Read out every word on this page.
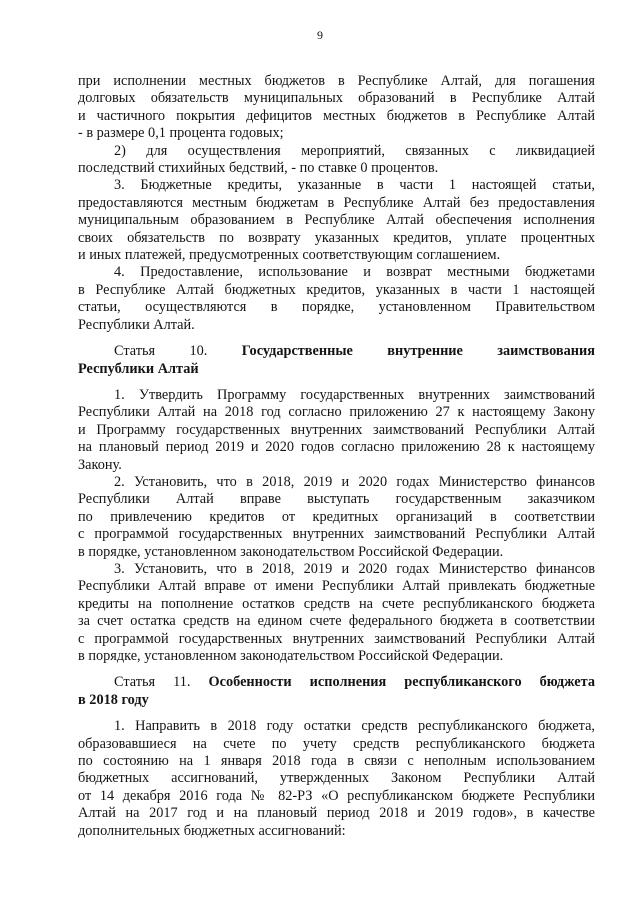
9
при исполнении местных бюджетов в Республике Алтай, для погашения
долговых обязательств муниципальных образований в Республике Алтай
и частичного покрытия дефицитов местных бюджетов в Республике Алтай
- в размере 0,1 процента годовых;
2) для осуществления мероприятий, связанных с ликвидацией
последствий стихийных бедствий, - по ставке 0 процентов.
3. Бюджетные кредиты, указанные в части 1 настоящей статьи,
предоставляются местным бюджетам в Республике Алтай без предоставления
муниципальным образованием в Республике Алтай обеспечения исполнения
своих обязательств по возврату указанных кредитов, уплате процентных
и иных платежей, предусмотренных соответствующим соглашением.
4. Предоставление, использование и возврат местными бюджетами
в Республике Алтай бюджетных кредитов, указанных в части 1 настоящей
статьи, осуществляются в порядке, установленном Правительством
Республики Алтай.
Статья 10. Государственные внутренние заимствования
Республики Алтай
1. Утвердить Программу государственных внутренних заимствований
Республики Алтай на 2018 год согласно приложению 27 к настоящему Закону
и Программу государственных внутренних заимствований Республики Алтай
на плановый период 2019 и 2020 годов согласно приложению 28 к настоящему
Закону.
2. Установить, что в 2018, 2019 и 2020 годах Министерство финансов
Республики Алтай вправе выступать государственным заказчиком
по привлечению кредитов от кредитных организаций в соответствии
с программой государственных внутренних заимствований Республики Алтай
в порядке, установленном законодательством Российской Федерации.
3. Установить, что в 2018, 2019 и 2020 годах Министерство финансов
Республики Алтай вправе от имени Республики Алтай привлекать бюджетные
кредиты на пополнение остатков средств на счете республиканского бюджета
за счет остатка средств на едином счете федерального бюджета в соответствии
с программой государственных внутренних заимствований Республики Алтай
в порядке, установленном законодательством Российской Федерации.
Статья 11. Особенности исполнения республиканского бюджета
в 2018 году
1. Направить в 2018 году остатки средств республиканского бюджета,
образовавшиеся на счете по учету средств республиканского бюджета
по состоянию на 1 января 2018 года в связи с неполным использованием
бюджетных ассигнований, утвержденных Законом Республики Алтай
от 14 декабря 2016 года № 82-РЗ «О республиканском бюджете Республики
Алтай на 2017 год и на плановый период 2018 и 2019 годов», в качестве
дополнительных бюджетных ассигнований:
